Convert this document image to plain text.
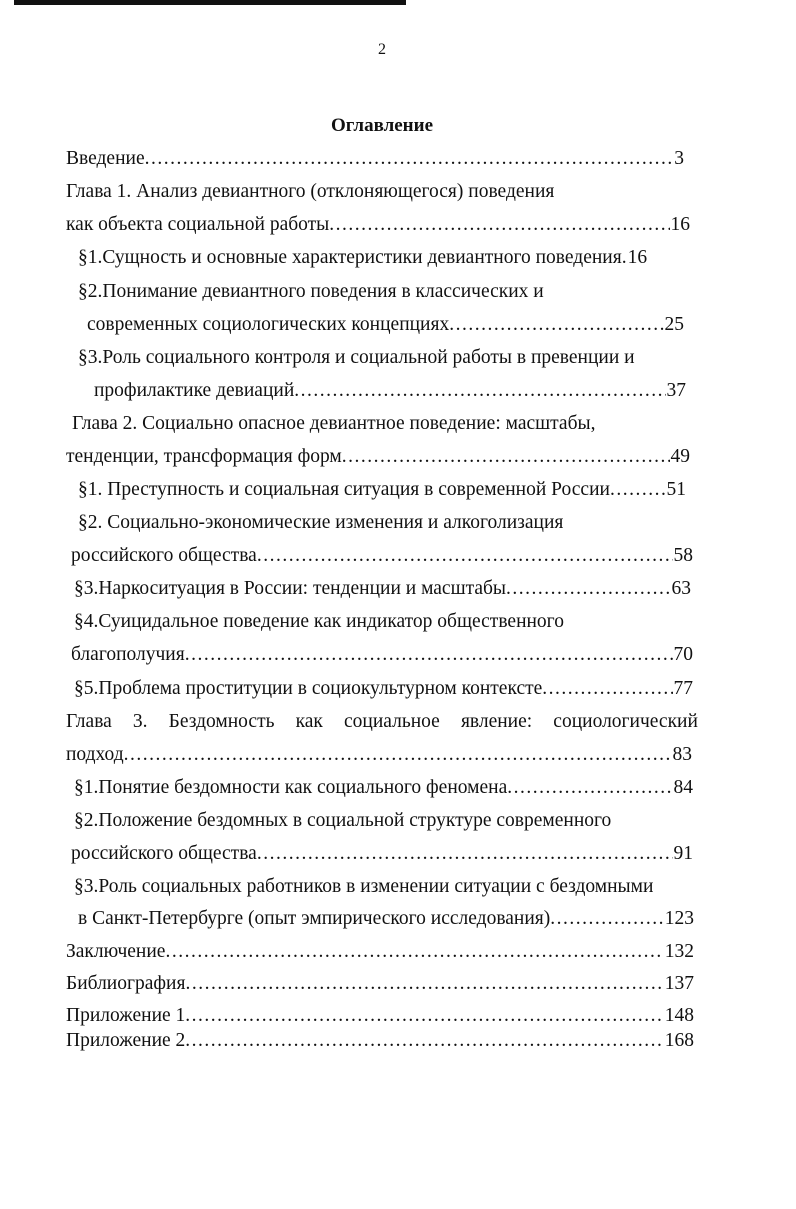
2
Оглавление
Введение .....	3
Глава 1. Анализ девиантного (отклоняющегося) поведения
как объекта социальной работы .....	16
§1.Сущность и основные характеристики девиантного поведения. 16
§2.Понимание девиантного поведения в классических и
современных социологических концепциях .....	25
§3.Роль социального контроля и социальной работы в превенции и
профилактике девиаций .....	37
Глава 2. Социально опасное девиантное поведение: масштабы,
тенденции, трансформация форм .....	49
§1. Преступность и социальная ситуация в современной России .....	51
§2. Социально-экономические изменения и алкоголизация
российского общества .....	58
§3.Наркоситуация в России: тенденции и масштабы .....	63
§4.Суицидальное поведение как индикатор общественного
благополучия .....	70
§5.Проблема проституции в социокультурном контексте .....	77
Глава 3. Бездомность как социальное явление: социологический
подход .....	83
§1.Понятие бездомности как социального феномена .....	84
§2.Положение бездомных в социальной структуре современного
российского общества .....	91
§3.Роль социальных работников в изменении ситуации с бездомными
в Санкт-Петербурге (опыт эмпирического исследования) .....	123
Заключение .....	132
Библиография .....	137
Приложение 1 .....	148
Приложение 2 .....	168
